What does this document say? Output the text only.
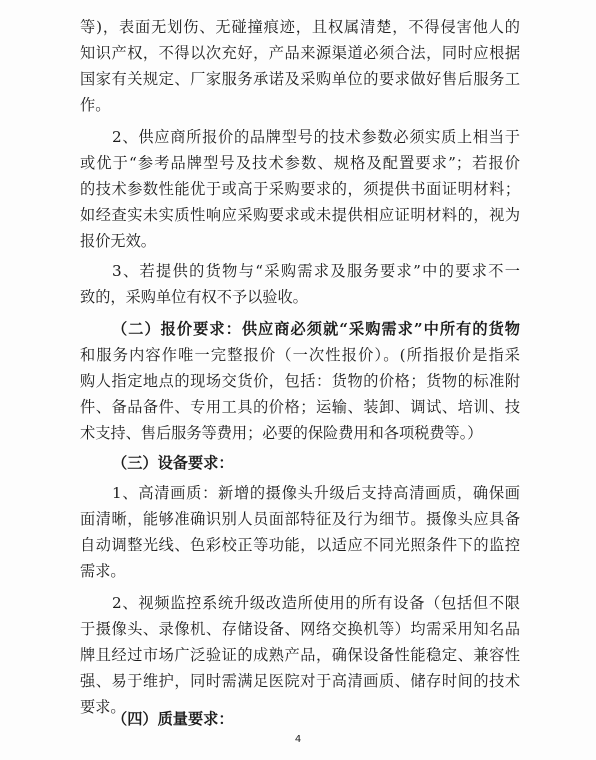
等)，表面无划伤、无碰撞痕迹，且权属清楚，不得侵害他人的
知识产权，不得以次充好，产品来源渠道必须合法，同时应根据
国家有关规定、厂家服务承诺及采购单位的要求做好售后服务工
作。
2、供应商所报价的品牌型号的技术参数必须实质上相当于
或优于“参考品牌型号及技术参数、规格及配置要求”；若报价
的技术参数性能优于或高于采购要求的，须提供书面证明材料；
如经查实未实质性响应采购要求或未提供相应证明材料的，视为
报价无效。
3、若提供的货物与“采购需求及服务要求”中的要求不一
致的，采购单位有权不予以验收。
（二）报价要求：供应商必须就“采购需求”中所有的货物
和服务内容作唯一完整报价（一次性报价）。(所指报价是指采
购人指定地点的现场交货价，包括：货物的价格；货物的标准附
件、备品备件、专用工具的价格；运输、装卸、调试、培训、技
术支持、售后服务等费用；必要的保险费用和各项税费等。）
（三）设备要求：
1、高清画质：新增的摄像头升级后支持高清画质，确保画
面清晰，能够准确识别人员面部特征及行为细节。摄像头应具备
自动调整光线、色彩校正等功能，以适应不同光照条件下的监控
需求。
2、视频监控系统升级改造所使用的所有设备（包括但不限
于摄像头、录像机、存储设备、网络交换机等）均需采用知名品
牌且经过市场广泛验证的成熟产品，确保设备性能稳定、兼容性
强、易于维护，同时需满足医院对于高清画质、储存时间的技术
要求。
（四）质量要求：
4
